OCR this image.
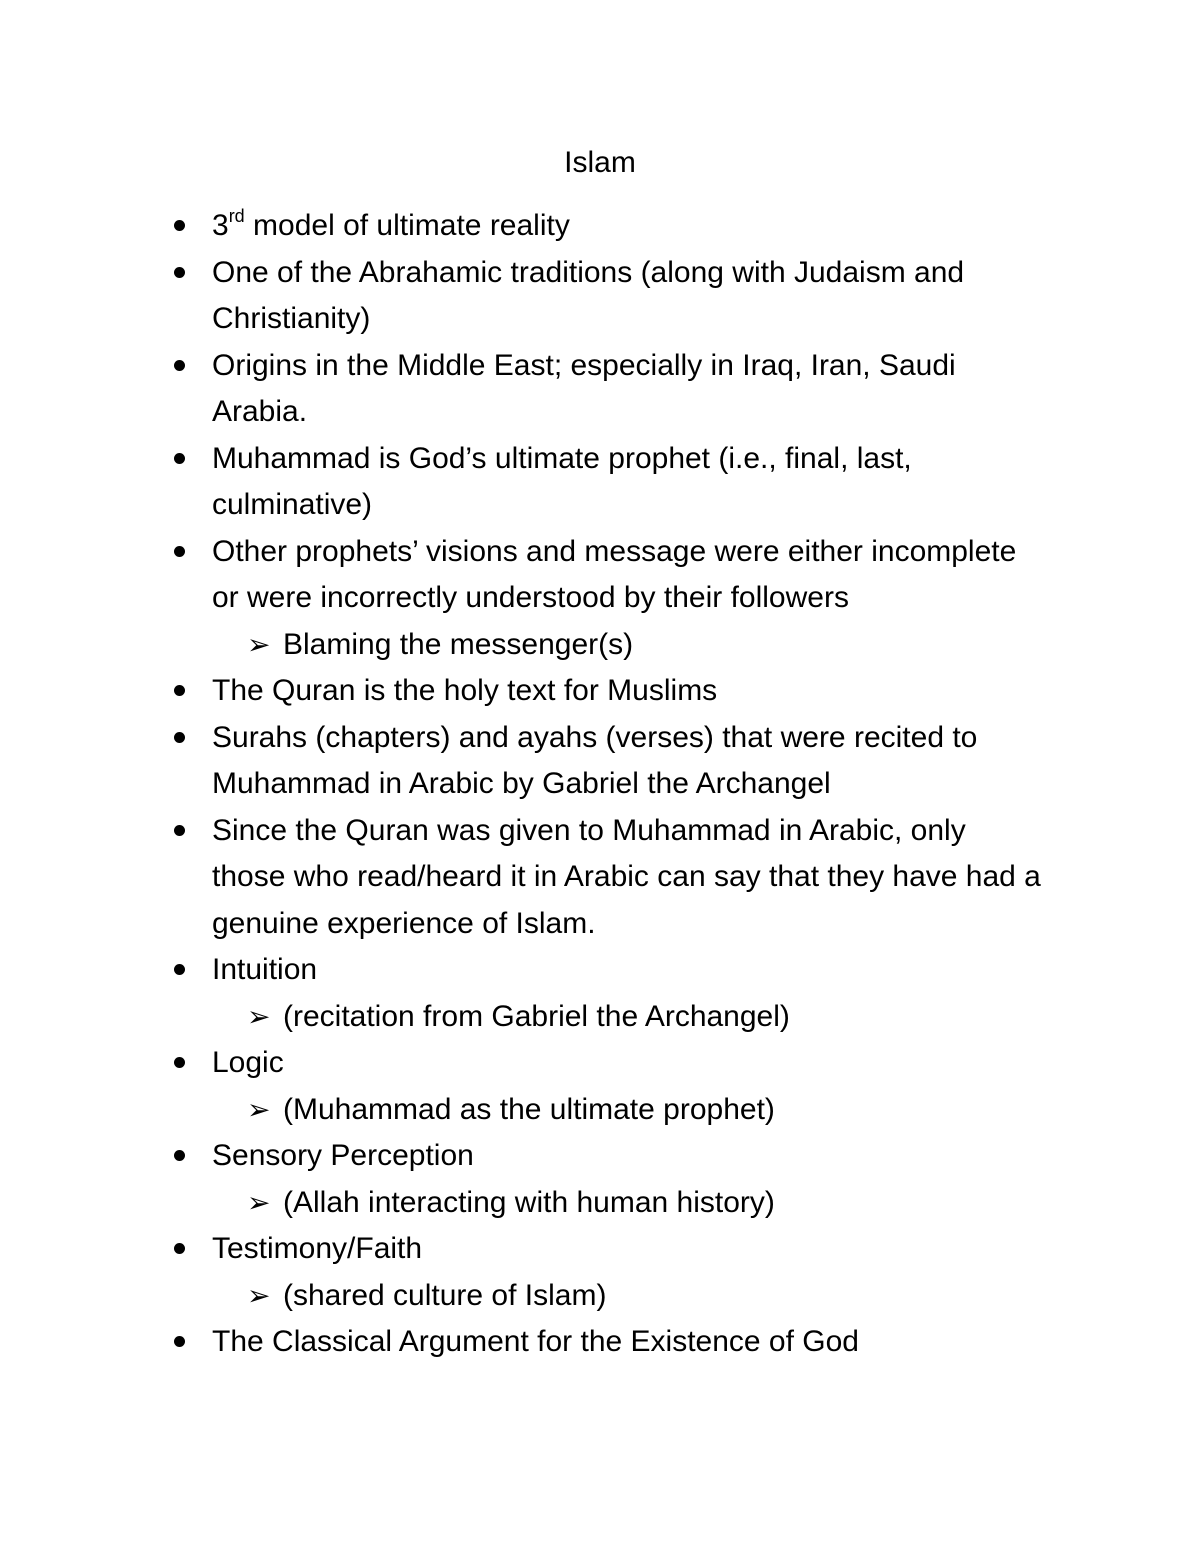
Islam
3rd model of ultimate reality
One of the Abrahamic traditions (along with Judaism and Christianity)
Origins in the Middle East; especially in Iraq, Iran, Saudi Arabia.
Muhammad is God’s ultimate prophet (i.e., final, last, culminative)
Other prophets’ visions and message were either incomplete or were incorrectly understood by their followers
➢ Blaming the messenger(s)
The Quran is the holy text for Muslims
Surahs (chapters) and ayahs (verses) that were recited to Muhammad in Arabic by Gabriel the Archangel
Since the Quran was given to Muhammad in Arabic, only those who read/heard it in Arabic can say that they have had a genuine experience of Islam.
Intuition
➢ (recitation from Gabriel the Archangel)
Logic
➢ (Muhammad as the ultimate prophet)
Sensory Perception
➢ (Allah interacting with human history)
Testimony/Faith
➢ (shared culture of Islam)
The Classical Argument for the Existence of God
